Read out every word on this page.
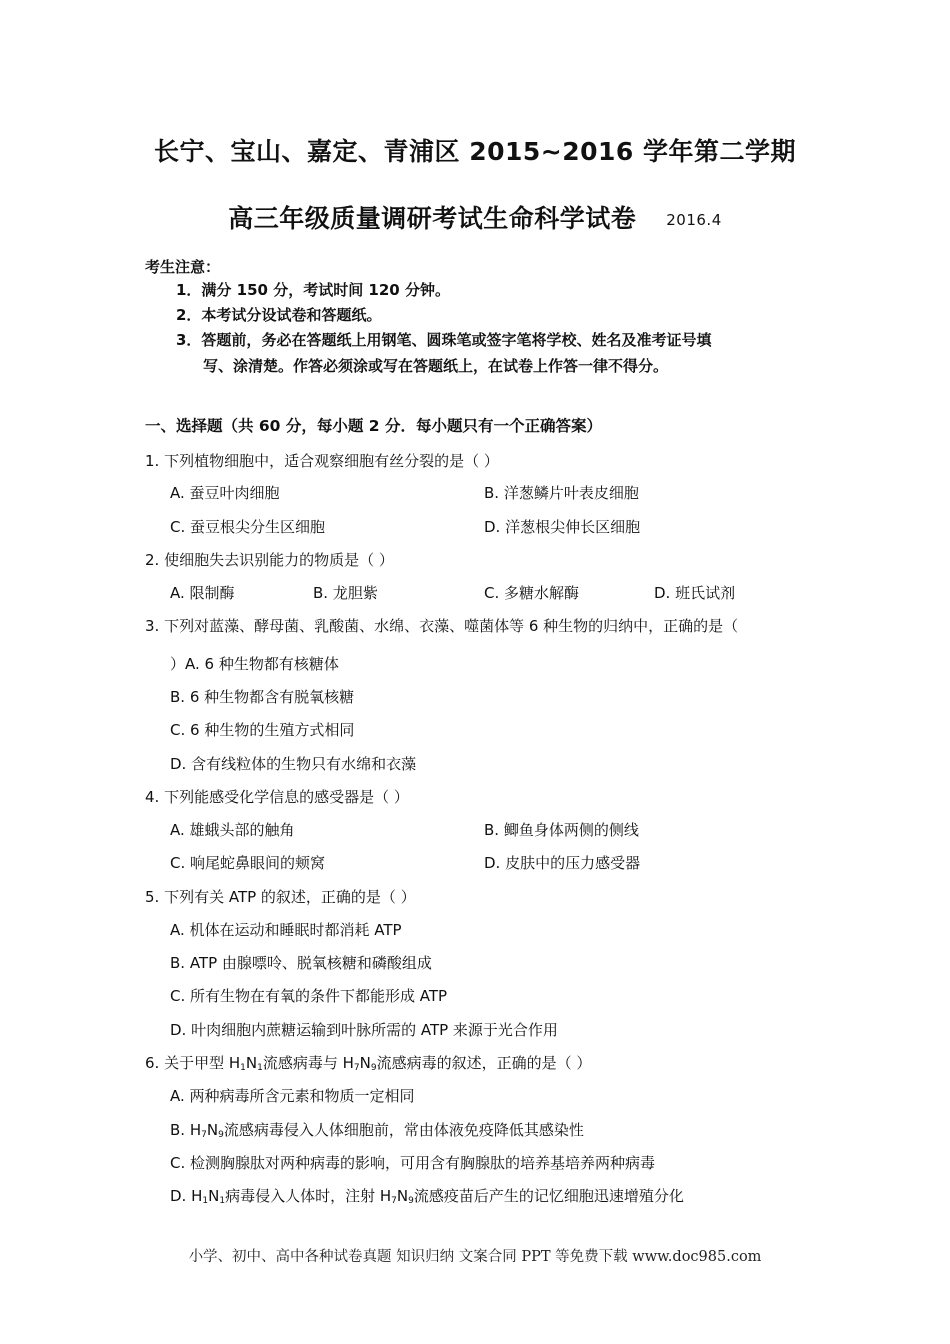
长宁、宝山、嘉定、青浦区 2015~2016 学年第二学期
高三年级质量调研考试生命科学试卷 2016.4
考生注意：
1．满分 150 分，考试时间 120 分钟。
2．本考试分设试卷和答题纸。
3．答题前，务必在答题纸上用钢笔、圆珠笔或签字笔将学校、姓名及准考证号填
写、涂清楚。作答必须涂或写在答题纸上，在试卷上作答一律不得分。
一、选择题（共 60 分，每小题 2 分．每小题只有一个正确答案）
1. 下列植物细胞中，适合观察细胞有丝分裂的是（ ）
A. 蚕豆叶肉细胞	B. 洋葱鳞片叶表皮细胞
C. 蚕豆根尖分生区细胞	D. 洋葱根尖伸长区细胞
2. 使细胞失去识别能力的物质是（ ）
A. 限制酶	B. 龙胆紫	C. 多糖水解酶	D. 班氏试剂
3. 下列对蓝藻、酵母菌、乳酸菌、水绵、衣藻、噬菌体等 6 种生物的归纳中，正确的是（
）A. 6 种生物都有核糖体
B. 6 种生物都含有脱氧核糖
C. 6 种生物的生殖方式相同
D. 含有线粒体的生物只有水绵和衣藻
4. 下列能感受化学信息的感受器是（ ）
A. 雄蛾头部的触角	B. 鲫鱼身体两侧的侧线
C. 响尾蛇鼻眼间的颊窝	D. 皮肤中的压力感受器
5. 下列有关 ATP 的叙述，正确的是（ ）
A. 机体在运动和睡眠时都消耗 ATP
B. ATP 由腺嘌呤、脱氧核糖和磷酸组成
C. 所有生物在有氧的条件下都能形成 ATP
D. 叶肉细胞内蔗糖运输到叶脉所需的 ATP 来源于光合作用
6. 关于甲型 $H_1N_1$流感病毒与 $H_7N_9$流感病毒的叙述，正确的是（ ）
A. 两种病毒所含元素和物质一定相同
B. $H_7N_9$流感病毒侵入人体细胞前，常由体液免疫降低其感染性
C. 检测胸腺肽对两种病毒的影响，可用含有胸腺肽的培养基培养两种病毒
D. $H_1N_1$病毒侵入人体时，注射 $H_7N_9$流感疫苗后产生的记忆细胞迅速增殖分化
小学、初中、高中各种试卷真题 知识归纳 文案合同 PPT 等免费下载 www.doc985.com
